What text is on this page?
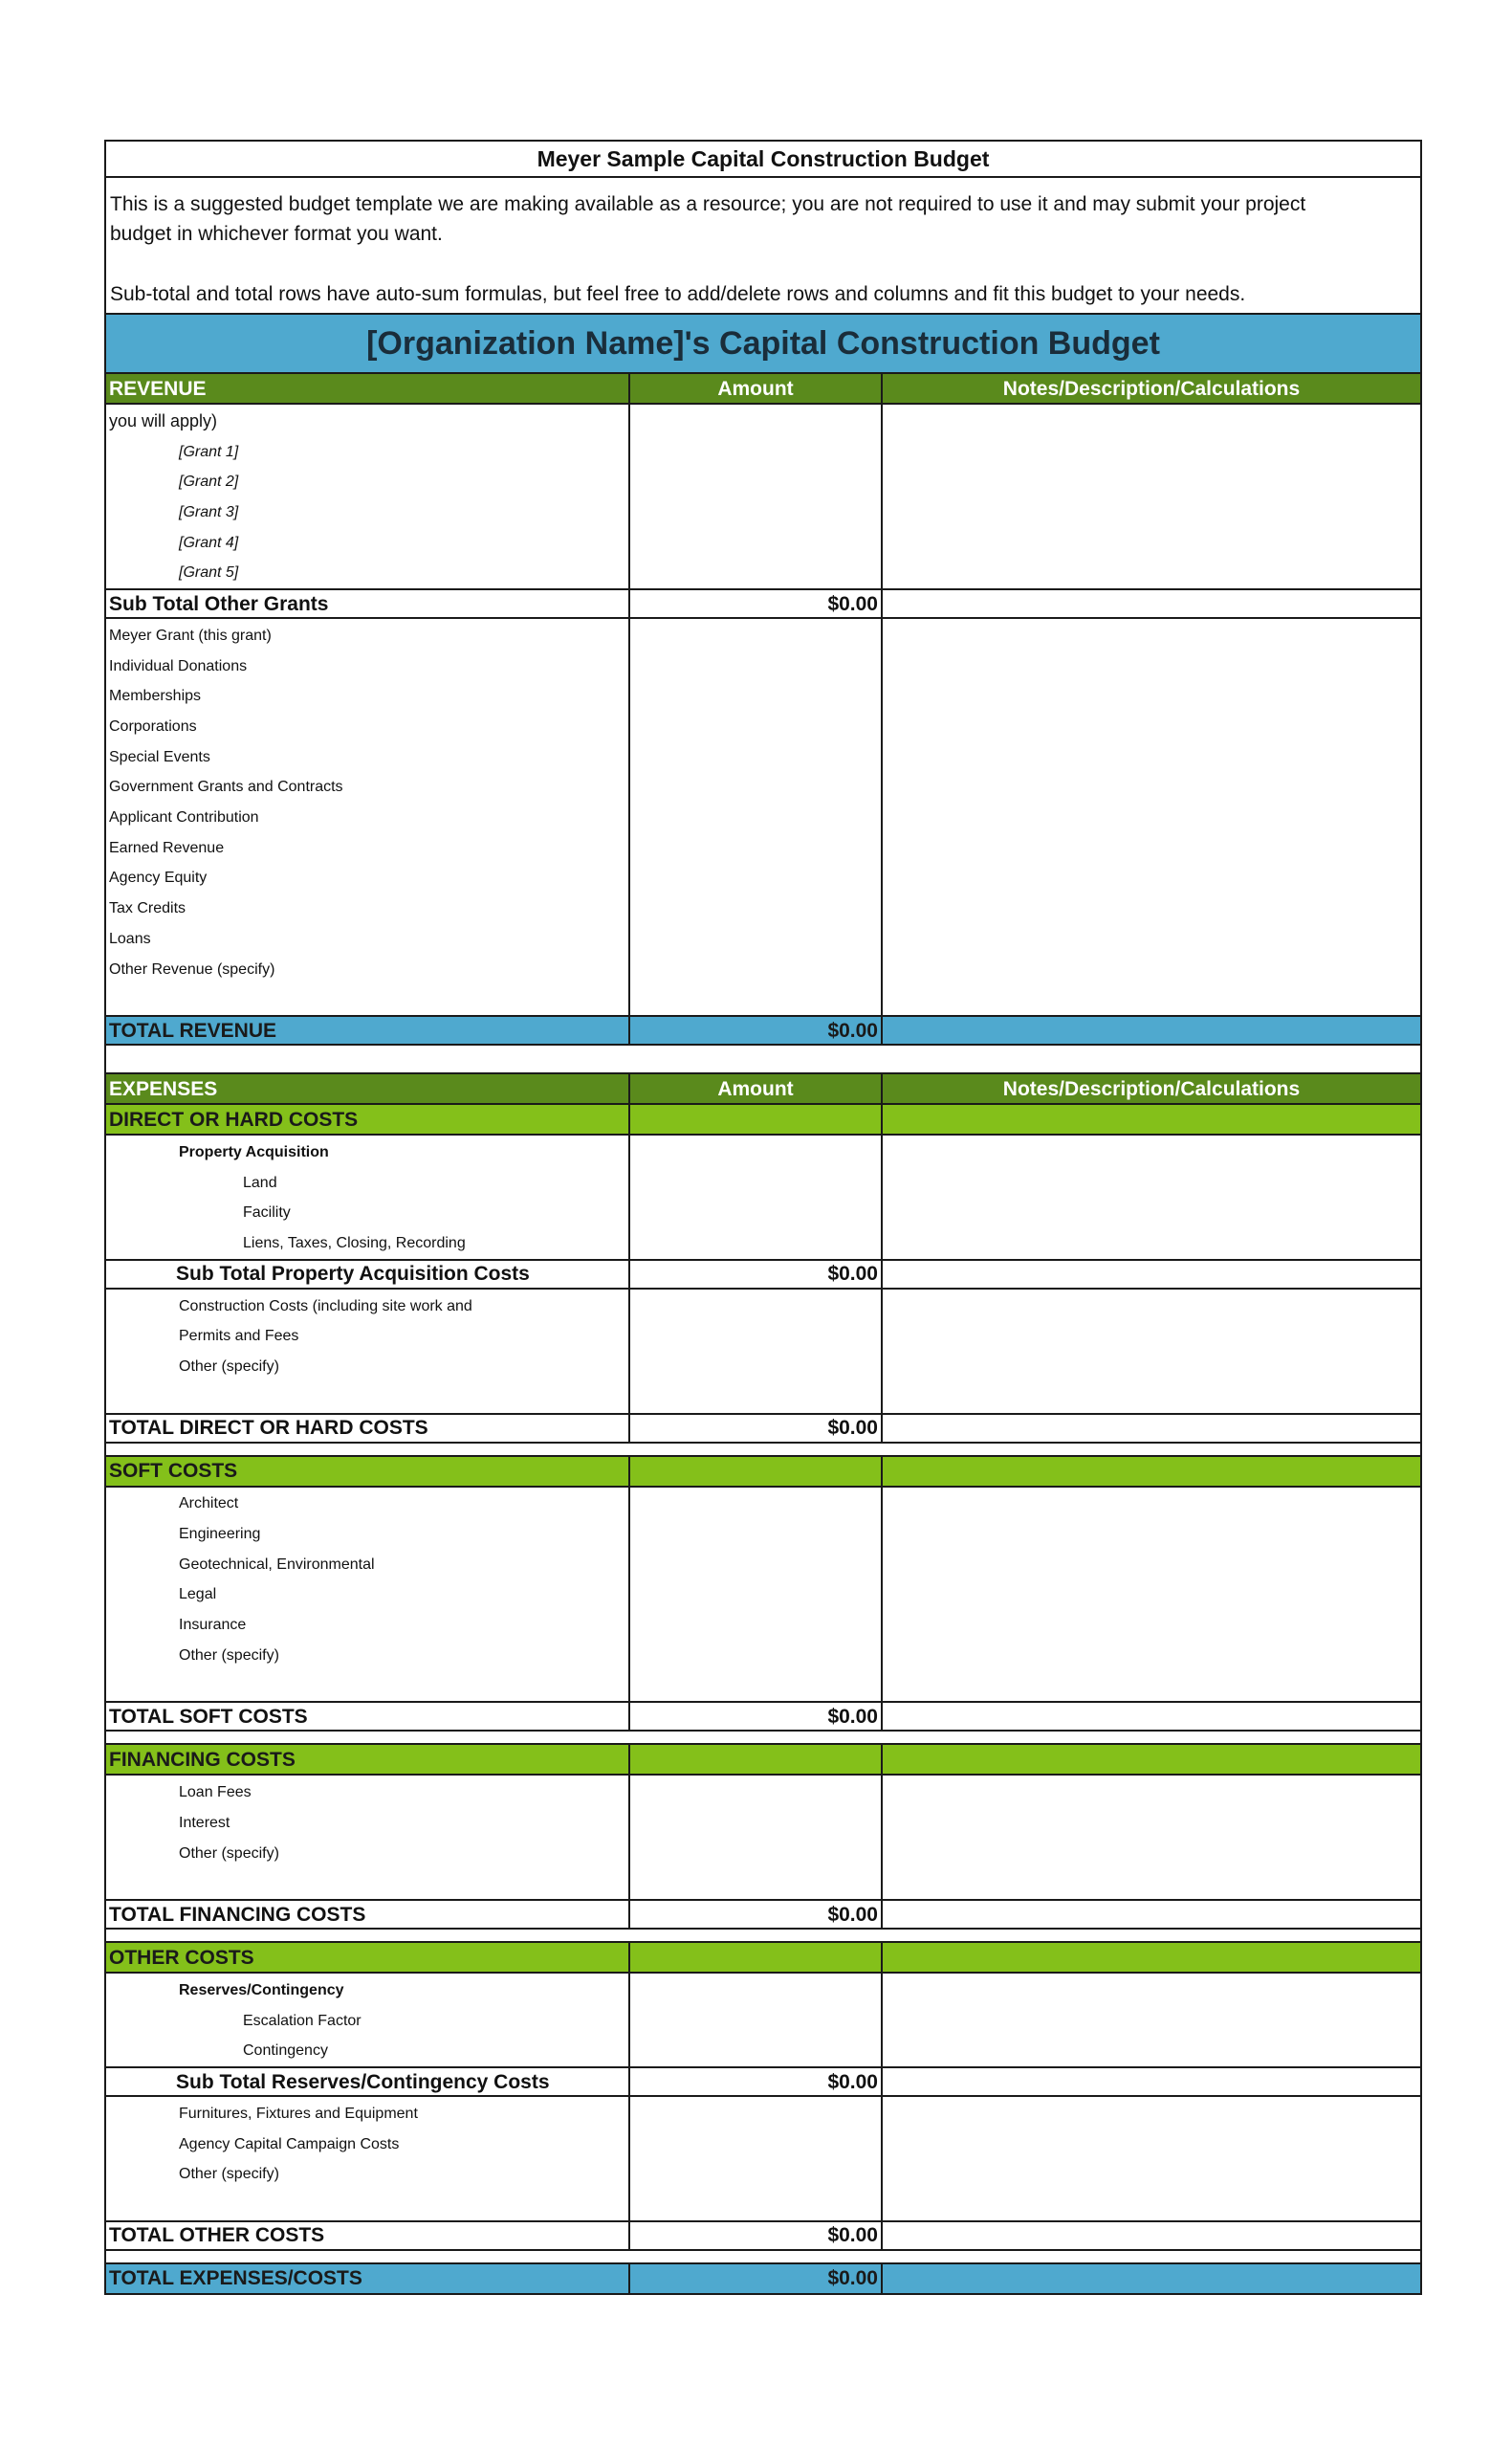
Meyer Sample Capital Construction Budget

This is a suggested budget template we are making available as a resource; you are not required to use it and may submit your project

budget in whichever format you want.

Sub-total and total rows have auto-sum formulas, but feel free to add/delete rows and columns and fit this budget to your needs.

[Organization Name]'s Capital Construction Budget
REVENUE	Amount	Notes/Description/Calculations
you will apply)
[Grant 1]
[Grant 2]
[Grant 3]
[Grant 4]
[Grant 5]
Sub Total Other Grants	$0.00
Meyer Grant (this grant)
Individual Donations
Memberships
Corporations
Special Events
Government Grants and Contracts
Applicant Contribution
Earned Revenue
Agency Equity
Tax Credits
Loans
Other Revenue (specify)
TOTAL REVENUE	$0.00
EXPENSES	Amount	Notes/Description/Calculations
DIRECT OR HARD COSTS
Property Acquisition
Land
Facility
Liens, Taxes, Closing, Recording
Sub Total Property Acquisition Costs	$0.00
Construction Costs (including site work and
Permits and Fees
Other (specify)
TOTAL DIRECT OR HARD COSTS	$0.00
SOFT COSTS
Architect
Engineering
Geotechnical, Environmental
Legal
Insurance
Other (specify)
TOTAL SOFT COSTS	$0.00
FINANCING COSTS
Loan Fees
Interest
Other (specify)
TOTAL FINANCING COSTS	$0.00
OTHER COSTS
Reserves/Contingency
Escalation Factor
Contingency
Sub Total Reserves/Contingency Costs	$0.00
Furnitures, Fixtures and Equipment
Agency Capital Campaign Costs
Other (specify)
TOTAL OTHER COSTS	$0.00
TOTAL EXPENSES/COSTS	$0.00
